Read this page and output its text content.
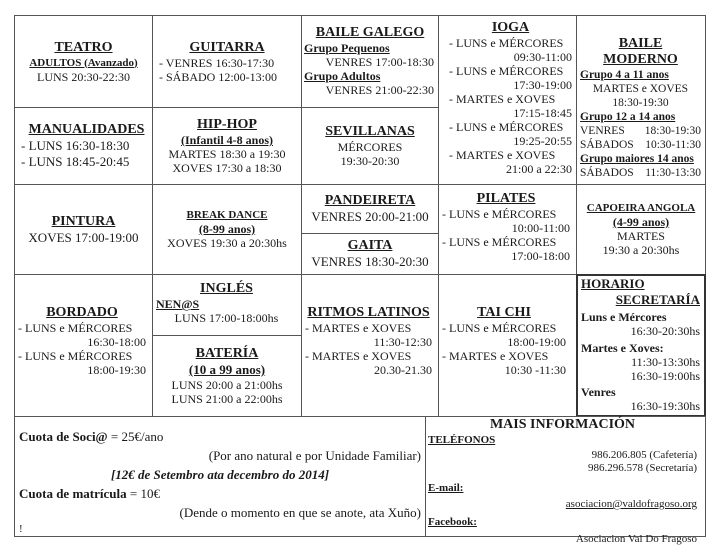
TEATRO
ADULTOS (Avanzado)
LUNS 20:30-22:30
GUITARRA
- VENRES 16:30-17:30
- SÁBADO 12:00-13:00
BAILE GALEGO
Grupo Pequenos
VENRES 17:00-18:30
Grupo Adultos
VENRES 21:00-22:30
IOGA
- LUNS e MÉRCORES
09:30-11:00
- LUNS e MÉRCORES
17:30-19:00
- MARTES e XOVES
17:15-18:45
- LUNS e MÉRCORES
19:25-20:55
- MARTES e XOVES
21:00 a 22:30
BAILE MODERNO
Grupo 4 a 11 anos
MARTES e XOVES
18:30-19:30
Grupo 12 a 14 anos
VENRES 18:30-19:30
SÁBADOS 10:30-11:30
Grupo maiores 14 anos
SÁBADOS 11:30-13:30
MANUALIDADES
- LUNS 16:30-18:30
- LUNS 18:45-20:45
HIP-HOP
(Infantil 4-8 anos)
MARTES 18:30 a 19:30
XOVES 17:30 a 18:30
SEVILLANAS
MÉRCORES
19:30-20:30
PINTURA
XOVES 17:00-19:00
BREAK DANCE
(8-99 anos)
XOVES 19:30 a 20:30hs
PANDEIRETA
VENRES 20:00-21:00
GAITA
VENRES 18:30-20:30
PILATES
- LUNS e MÉRCORES
10:00-11:00
- LUNS e MÉRCORES
17:00-18:00
CAPOEIRA ANGOLA
(4-99 anos)
MARTES
19:30 a 20:30hs
BORDADO
- LUNS e MÉRCORES
16:30-18:00
- LUNS e MÉRCORES
18:00-19:30
INGLÉS
NEN@S
LUNS 17:00-18:00hs
BATERÍA
(10 a 99 anos)
LUNS 20:00 a 21:00hs
LUNS 21:00 a 22:00hs
RITMOS LATINOS
- MARTES e XOVES
11:30-12:30
- MARTES e XOVES
20.30-21.30
TAI CHI
- LUNS e MÉRCORES
18:00-19:00
- MARTES e XOVES
10:30 -11:30
HORARIO
SECRETARÍA
Luns e Mércores
16:30-20:30hs
Martes e Xoves:
11:30-13:30hs
16:30-19:00hs
Venres
16:30-19:30hs
Cuota de Soci@ = 25€/ano
(Por ano natural e por Unidade Familiar)
[12€ de Setembro ata decembro do 2014]
Cuota de matrícula = 10€
(Dende o momento en que se anote, ata Xuño)
!
MAIS INFORMACIÓN
TELÉFONOS
986.206.805 (Cafetería)
986.296.578 (Secretaría)
E-mail:
asociacion@valdofragoso.org
Facebook:
Asociacion Val Do Fragoso
